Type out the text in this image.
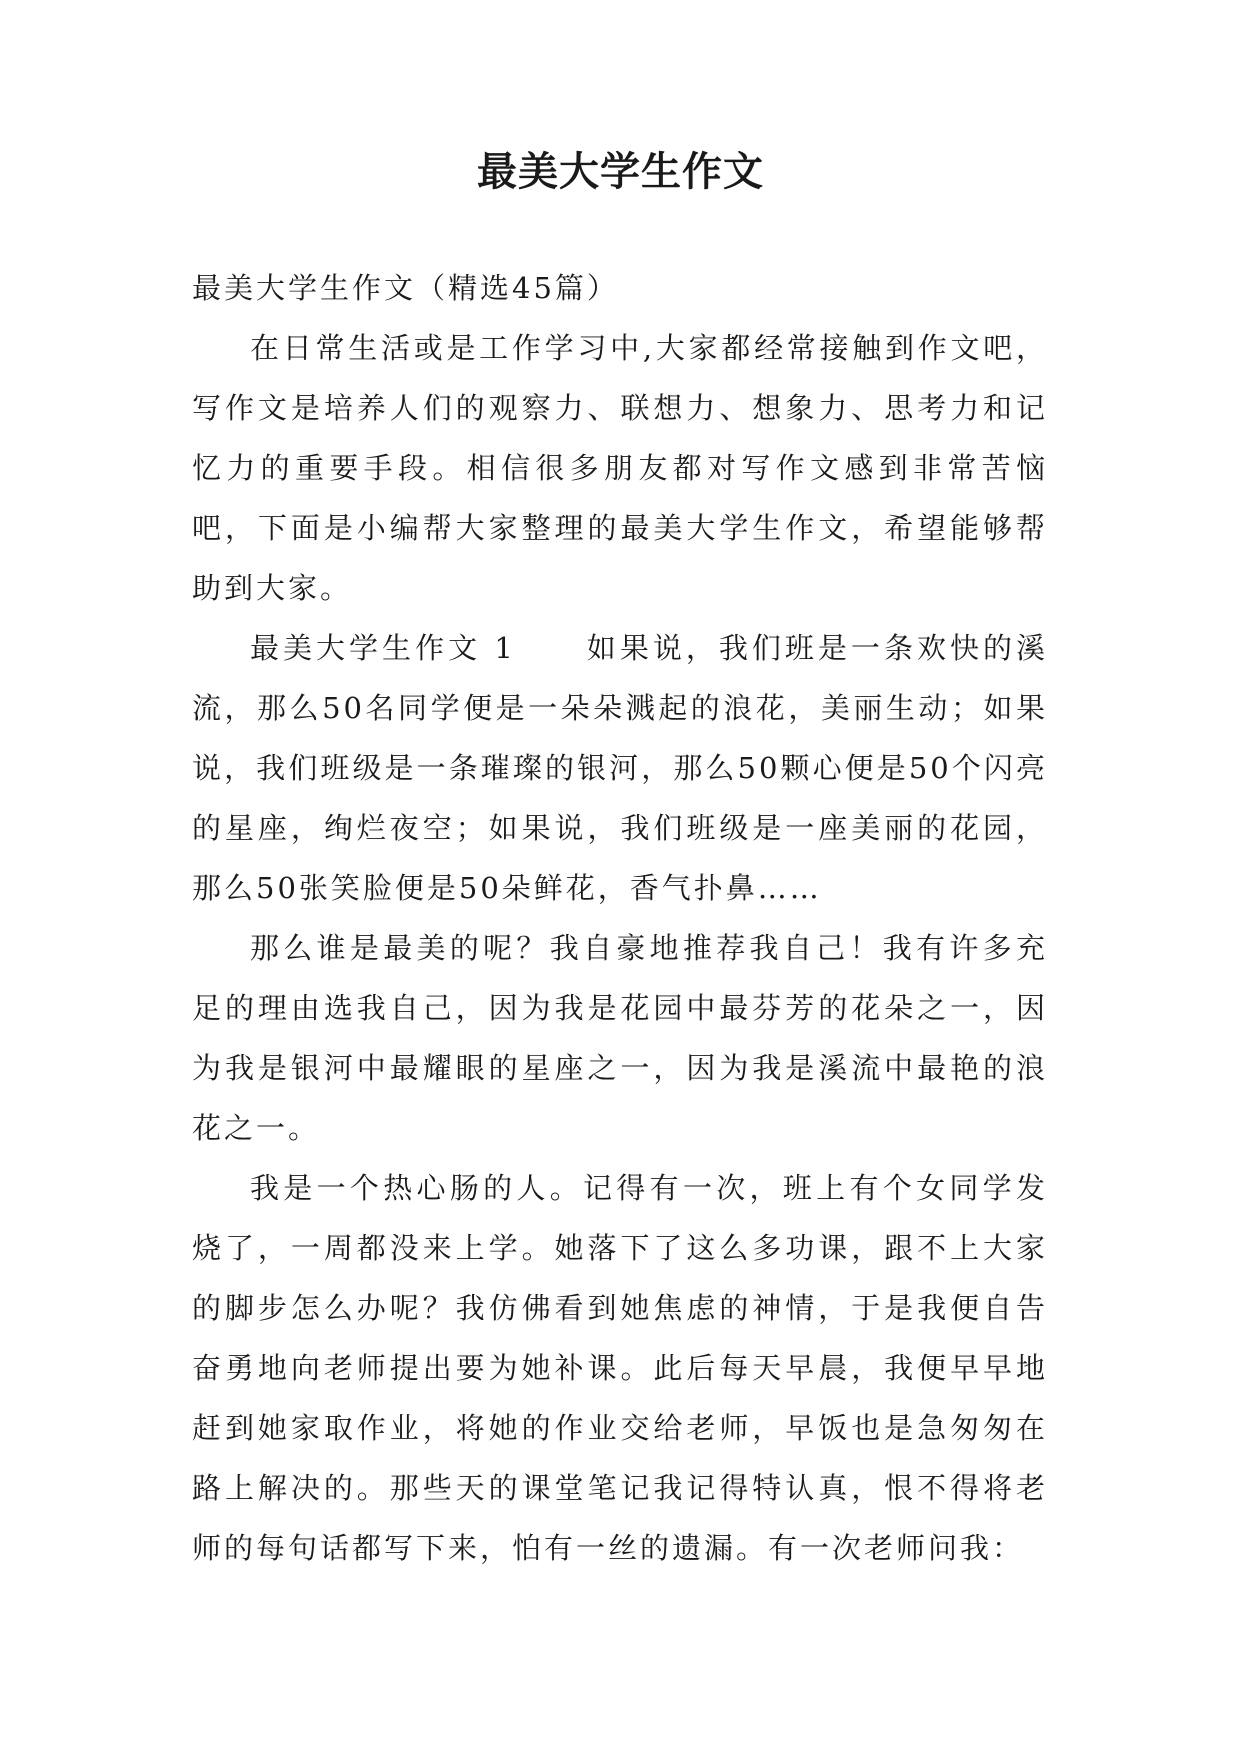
最美大学生作文

最美大学生作文（精选45篇）

在日常生活或是工作学习中,大家都经常接触到作文吧，写作文是培养人们的观察力、联想力、想象力、思考力和记忆力的重要手段。相信很多朋友都对写作文感到非常苦恼吧，下面是小编帮大家整理的最美大学生作文，希望能够帮助到大家。

最美大学生作文 1 如果说，我们班是一条欢快的溪流，那么50名同学便是一朵朵溅起的浪花，美丽生动；如果说，我们班级是一条璀璨的银河，那么50颗心便是50个闪亮的星座，绚烂夜空；如果说，我们班级是一座美丽的花园，那么50张笑脸便是50朵鲜花，香气扑鼻……

那么谁是最美的呢？我自豪地推荐我自己！我有许多充足的理由选我自己，因为我是花园中最芬芳的花朵之一，因为我是银河中最耀眼的星座之一，因为我是溪流中最艳的浪花之一。

我是一个热心肠的人。记得有一次，班上有个女同学发烧了，一周都没来上学。她落下了这么多功课，跟不上大家的脚步怎么办呢？我仿佛看到她焦虑的神情，于是我便自告奋勇地向老师提出要为她补课。此后每天早晨，我便早早地赶到她家取作业，将她的作业交给老师，早饭也是急匆匆在路上解决的。那些天的课堂笔记我记得特认真，恨不得将老师的每句话都写下来，怕有一丝的遗漏。有一次老师问我：
